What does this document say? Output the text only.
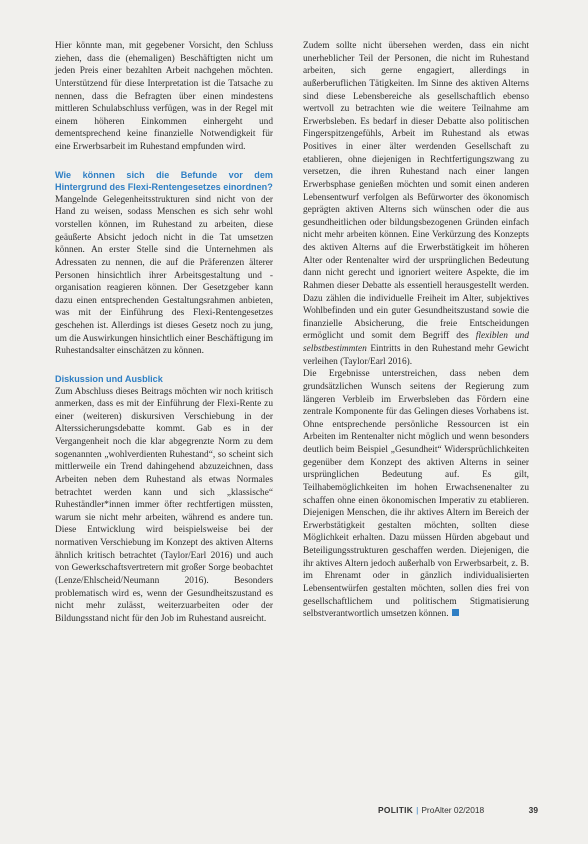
Hier könnte man, mit gegebener Vorsicht, den Schluss ziehen, dass die (ehemaligen) Beschäftigten nicht um jeden Preis einer bezahlten Arbeit nachgehen möchten. Unterstützend für diese Interpretation ist die Tatsache zu nennen, dass die Befragten über einen mindestens mittleren Schulabschluss verfügen, was in der Regel mit einem höheren Einkommen einhergeht und dementsprechend keine finanzielle Notwendigkeit für eine Erwerbsarbeit im Ruhestand empfunden wird.

Wie können sich die Befunde vor dem Hintergrund des Flexi-Rentengesetzes einordnen?

Mangelnde Gelegenheitsstrukturen sind nicht von der Hand zu weisen, sodass Menschen es sich sehr wohl vorstellen können, im Ruhestand zu arbeiten, diese geäußerte Absicht jedoch nicht in die Tat umsetzen können. An erster Stelle sind die Unternehmen als Adressaten zu nennen, die auf die Präferenzen älterer Personen hinsichtlich ihrer Arbeitsgestaltung und -organisation reagieren können. Der Gesetzgeber kann dazu einen entsprechenden Gestaltungsrahmen anbieten, was mit der Einführung des Flexi-Rentengesetzes geschehen ist. Allerdings ist dieses Gesetz noch zu jung, um die Auswirkungen hinsichtlich einer Beschäftigung im Ruhestandsalter einschätzen zu können.

Diskussion und Ausblick

Zum Abschluss dieses Beitrags möchten wir noch kritisch anmerken, dass es mit der Einführung der Flexi-Rente zu einer (weiteren) diskursiven Verschiebung in der Alterssicherungsdebatte kommt. Gab es in der Vergangenheit noch die klar abgegrenzte Norm zu dem sogenannten „wohlverdienten Ruhestand“, so scheint sich mittlerweile ein Trend dahingehend abzuzeichnen, dass Arbeiten neben dem Ruhestand als etwas Normales betrachtet werden kann und sich „klassische“ Ruheständler*innen immer öfter rechtfertigen müssten, warum sie nicht mehr arbeiten, während es andere tun. Diese Entwicklung wird beispielsweise bei der normativen Verschiebung im Konzept des aktiven Alterns ähnlich kritisch betrachtet (Taylor/Earl 2016) und auch von Gewerkschaftsvertretern mit großer Sorge beobachtet (Lenze/Ehlscheid/Neumann 2016). Besonders problematisch wird es, wenn der Gesundheitszustand es nicht mehr zulässt, weiterzuarbeiten oder der Bildungsstand nicht für den Job im Ruhestand ausreicht.

Zudem sollte nicht übersehen werden, dass ein nicht unerheblicher Teil der Personen, die nicht im Ruhestand arbeiten, sich gerne engagiert, allerdings in außerberuflichen Tätigkeiten. Im Sinne des aktiven Alterns sind diese Lebensbereiche als gesellschaftlich ebenso wertvoll zu betrachten wie die weitere Teilnahme am Erwerbsleben. Es bedarf in dieser Debatte also politischen Fingerspitzengefühls, Arbeit im Ruhestand als etwas Positives in einer älter werdenden Gesellschaft zu etablieren, ohne diejenigen in Rechtfertigungszwang zu versetzen, die ihren Ruhestand nach einer langen Erwerbsphase genießen möchten und somit einen anderen Lebensentwurf verfolgen als Befürworter des ökonomisch geprägten aktiven Alterns sich wünschen oder die aus gesundheitlichen oder bildungsbezogenen Gründen einfach nicht mehr arbeiten können. Eine Verkürzung des Konzepts des aktiven Alterns auf die Erwerbstätigkeit im höheren Alter oder Rentenalter wird der ursprünglichen Bedeutung dann nicht gerecht und ignoriert weitere Aspekte, die im Rahmen dieser Debatte als essentiell herausgestellt werden. Dazu zählen die individuelle Freiheit im Alter, subjektives Wohlbefinden und ein guter Gesundheitszustand sowie die finanzielle Absicherung, die freie Entscheidungen ermöglicht und somit dem Begriff des flexiblen und selbstbestimmten Eintritts in den Ruhestand mehr Gewicht verleihen (Taylor/Earl 2016).

Die Ergebnisse unterstreichen, dass neben dem grundsätzlichen Wunsch seitens der Regierung zum längeren Verbleib im Erwerbsleben das Fördern eine zentrale Komponente für das Gelingen dieses Vorhabens ist. Ohne entsprechende persönliche Ressourcen ist ein Arbeiten im Rentenalter nicht möglich und wenn besonders deutlich beim Beispiel „Gesundheit“ Widersprüchlichkeiten gegenüber dem Konzept des aktiven Alterns in seiner ursprünglichen Bedeutung auf. Es gilt, Teilhabemöglichkeiten im hohen Erwachsenenalter zu schaffen ohne einen ökonomischen Imperativ zu etablieren. Diejenigen Menschen, die ihr aktives Altern im Bereich der Erwerbstätigkeit gestalten möchten, sollten diese Möglichkeit erhalten. Dazu müssen Hürden abgebaut und Beteiligungsstrukturen geschaffen werden. Diejenigen, die ihr aktives Altern jedoch außerhalb von Erwerbsarbeit, z. B. im Ehrenamt oder in gänzlich individualisierten Lebensentwürfen gestalten möchten, sollen dies frei von gesellschaftlichem und politischem Stigmatisierung selbstverantwortlich umsetzen können.

POLITIK | ProAlter 02/2018	39
